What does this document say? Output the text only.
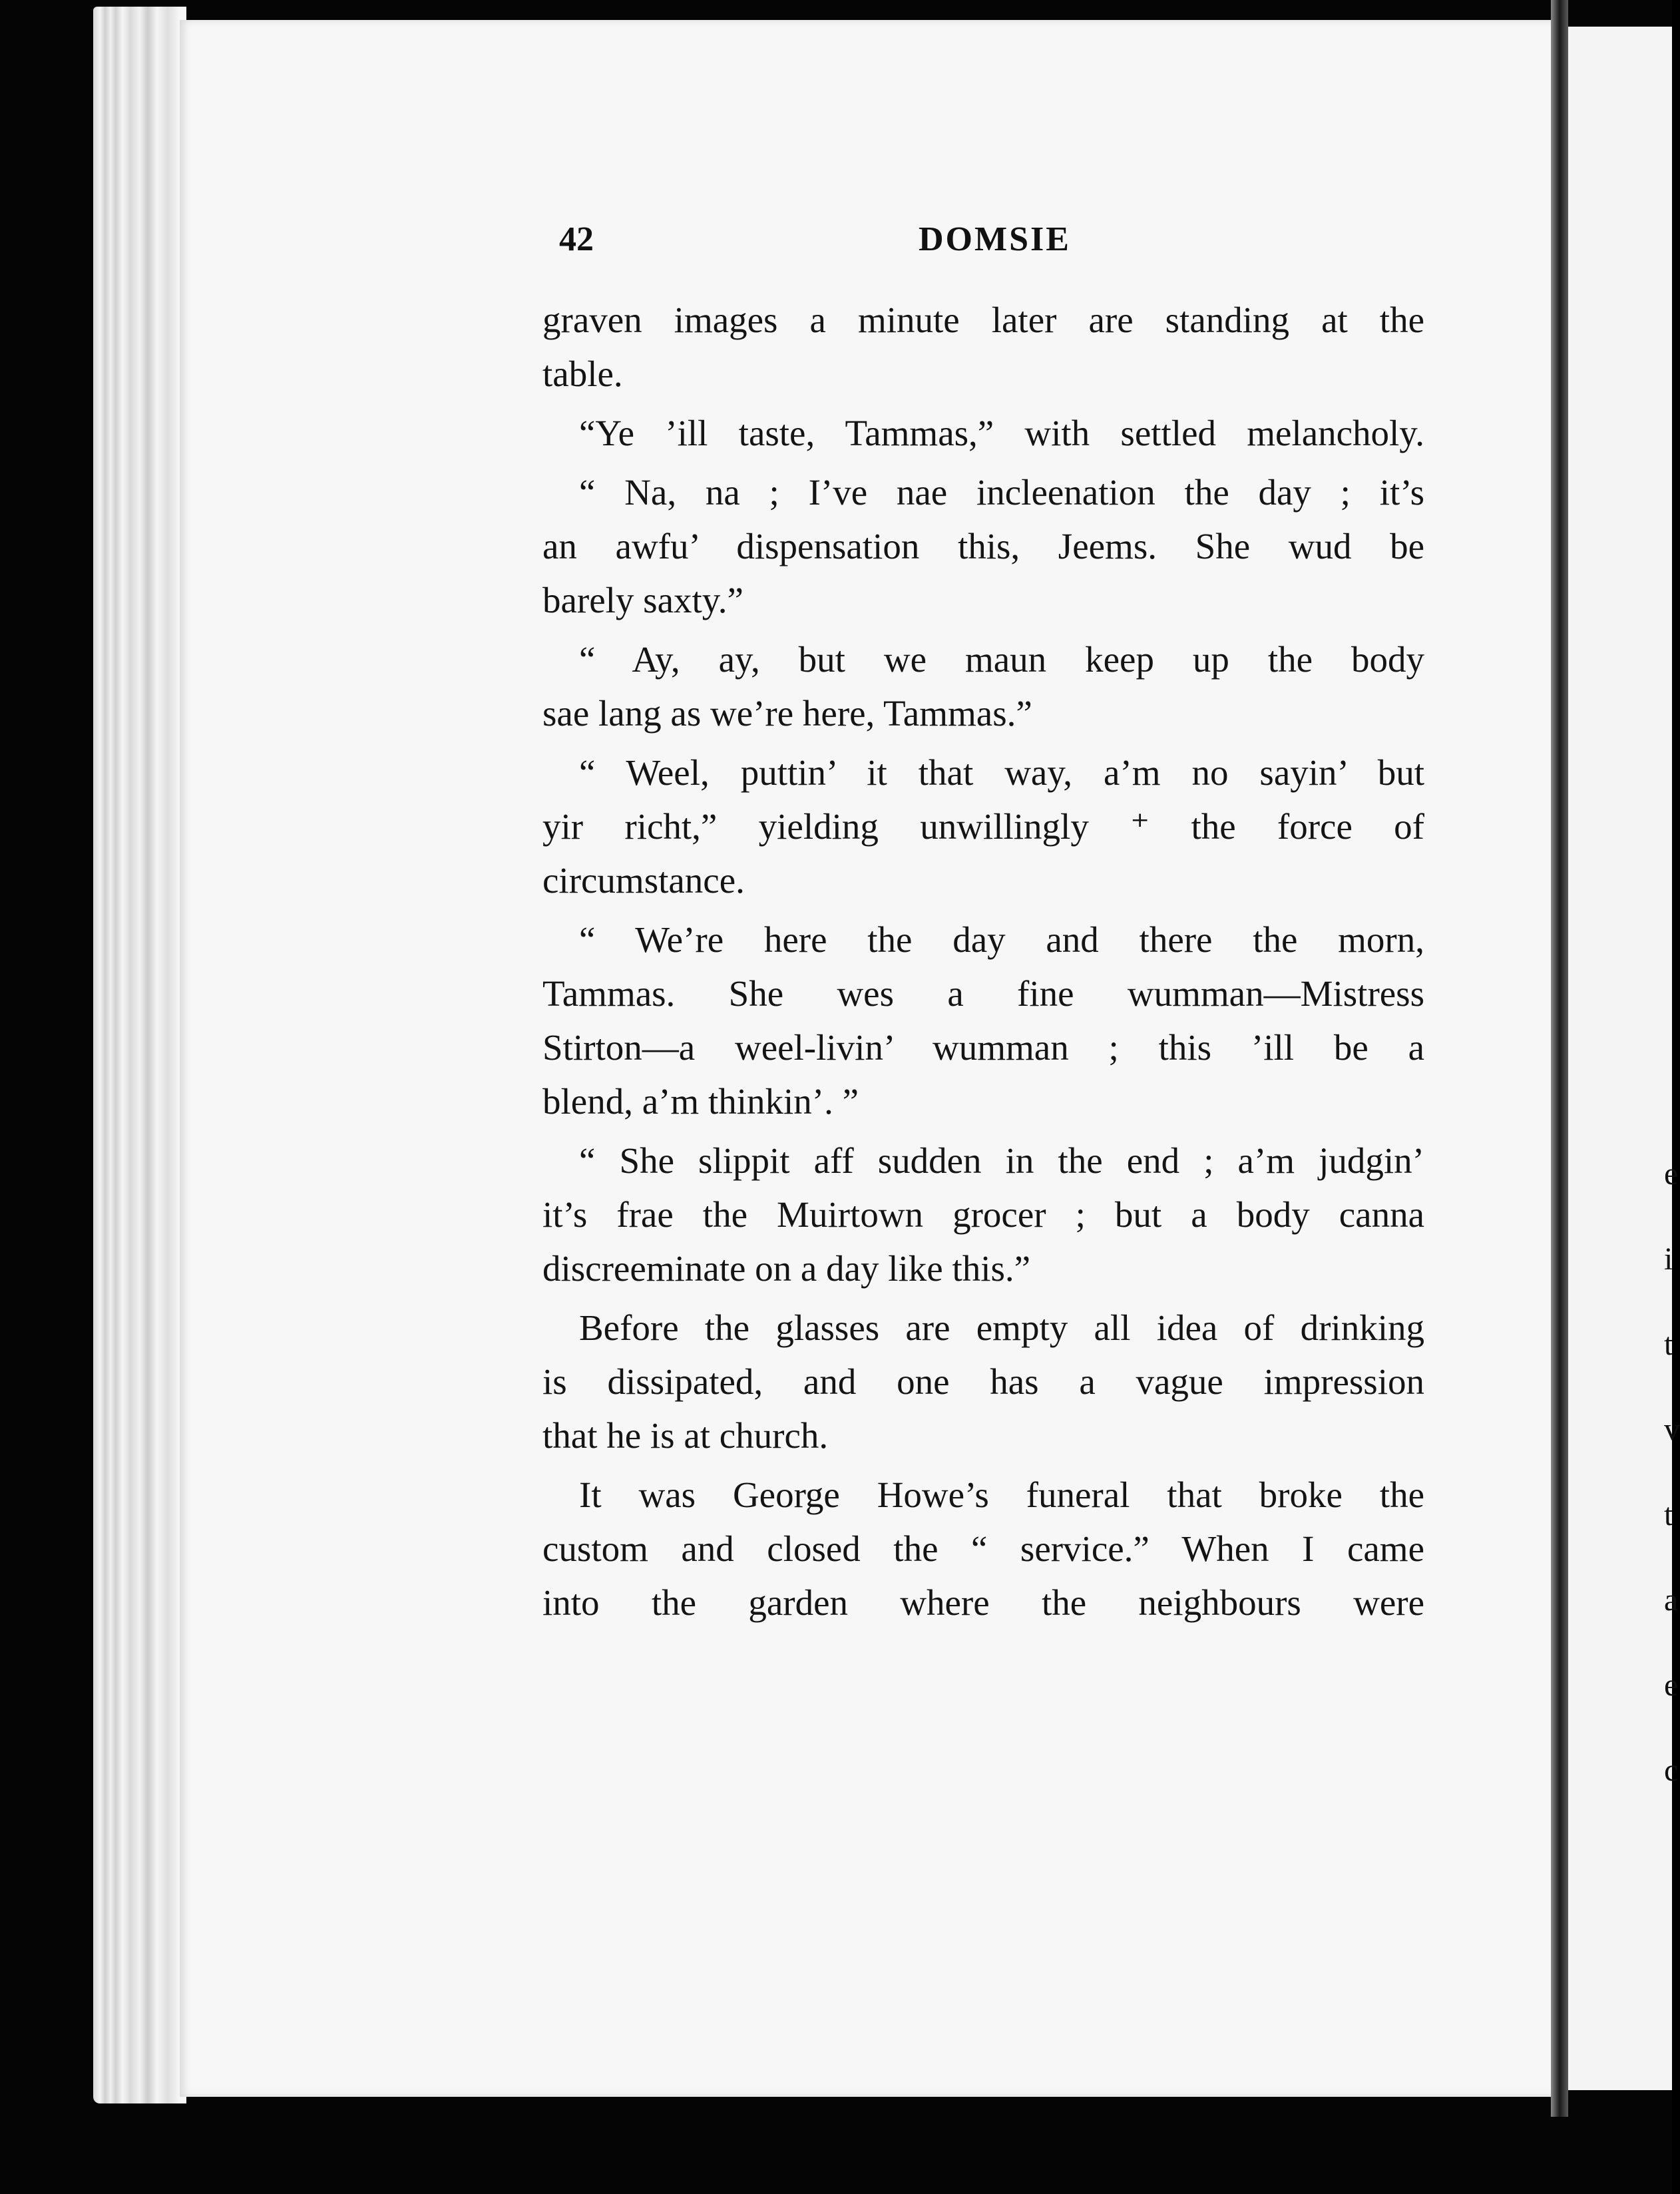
e
i
t
v
t
a
e
c
42	DOMSIE
graven images a minute later are standing at the
table.
“Ye ’ill taste, Tammas,” with settled melancholy.
“ Na, na ; I’ve nae incleenation the day ; it’s
an awfu’ dispensation this, Jeems. She wud be
barely saxty.”
“ Ay, ay, but we maun keep up the body
sae lang as we’re here, Tammas.”
“ Weel, puttin’ it that way, a’m no sayin’ but
yir richt,” yielding unwillingly ⁺ the force of
circumstance.
“ We’re here the day and there the morn,
Tammas. She wes a fine wumman—Mistress
Stirton—a weel-livin’ wumman ; this ’ill be a
blend, a’m thinkin’. ”
“ She slippit aff sudden in the end ; a’m judgin’
it’s frae the Muirtown grocer ; but a body canna
discreeminate on a day like this.”
Before the glasses are empty all idea of drinking
is dissipated, and one has a vague impression
that he is at church.
It was George Howe’s funeral that broke the
custom and closed the “ service.” When I came
into the garden where the neighbours were
